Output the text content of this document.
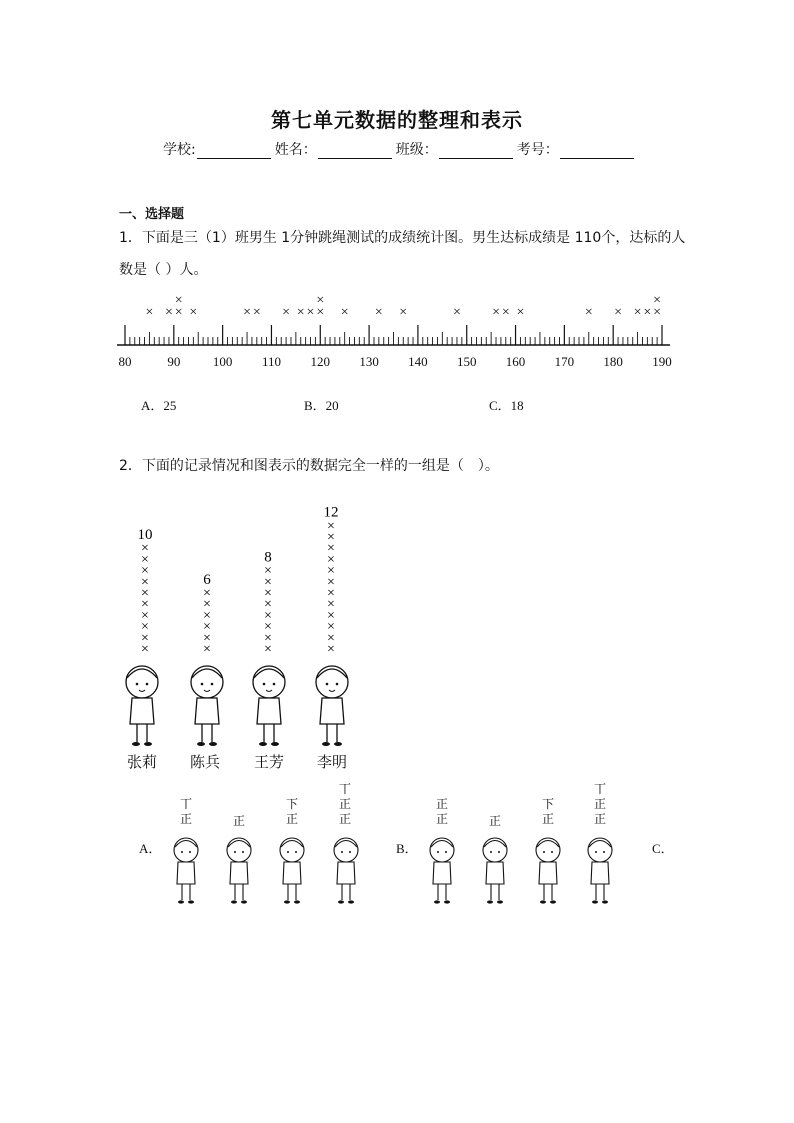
第七单元数据的整理和表示
学校:	姓名：	班级：	考号：
一、选择题
1．下面是三（1）班男生 1分钟跳绳测试的成绩统计图。男生达标成绩是 110个，达标的人
数是（ ）人。
80	90	100 110 120 130 140 150 160 170 180 190
× × ×
×
×	× × × × × ×
×
× × ×	× × × ×	× × × × ×
×
A．25	B．20	C．18
2．下面的记录情况和图表示的数据完全一样的一组是（　）。
×
×
×
×
×
×
×
×
×
×
10
×
×
×
×
×
×
6
×
×
×
×
×
×
×
×
8
×
×
×
×
×
×
×
×
×
×
×
×
12
张莉 陈兵 王芳 李明
A．	B．	C．
丅
正	正
下
正
丅
正
正
正
正	正
下
正
丅
正
正
